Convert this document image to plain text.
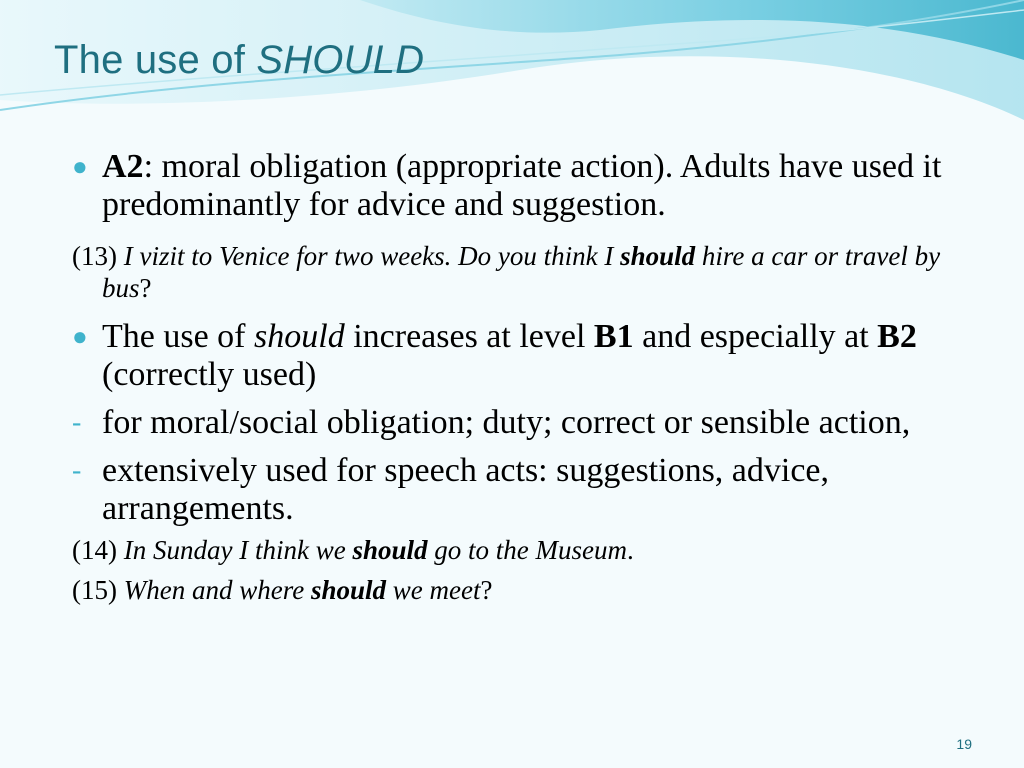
The use of SHOULD
● A2: moral obligation (appropriate action). Adults have used it predominantly for advice and suggestion.
(13) I vizit to Venice for two weeks. Do you think I should hire a car or travel by bus?
● The use of should increases at level B1 and especially at B2 (correctly used)
- for moral/social obligation; duty; correct or sensible action,
- extensively used for speech acts: suggestions, advice, arrangements.
(14) In Sunday I think we should go to the Museum.
(15) When and where should we meet?
19
